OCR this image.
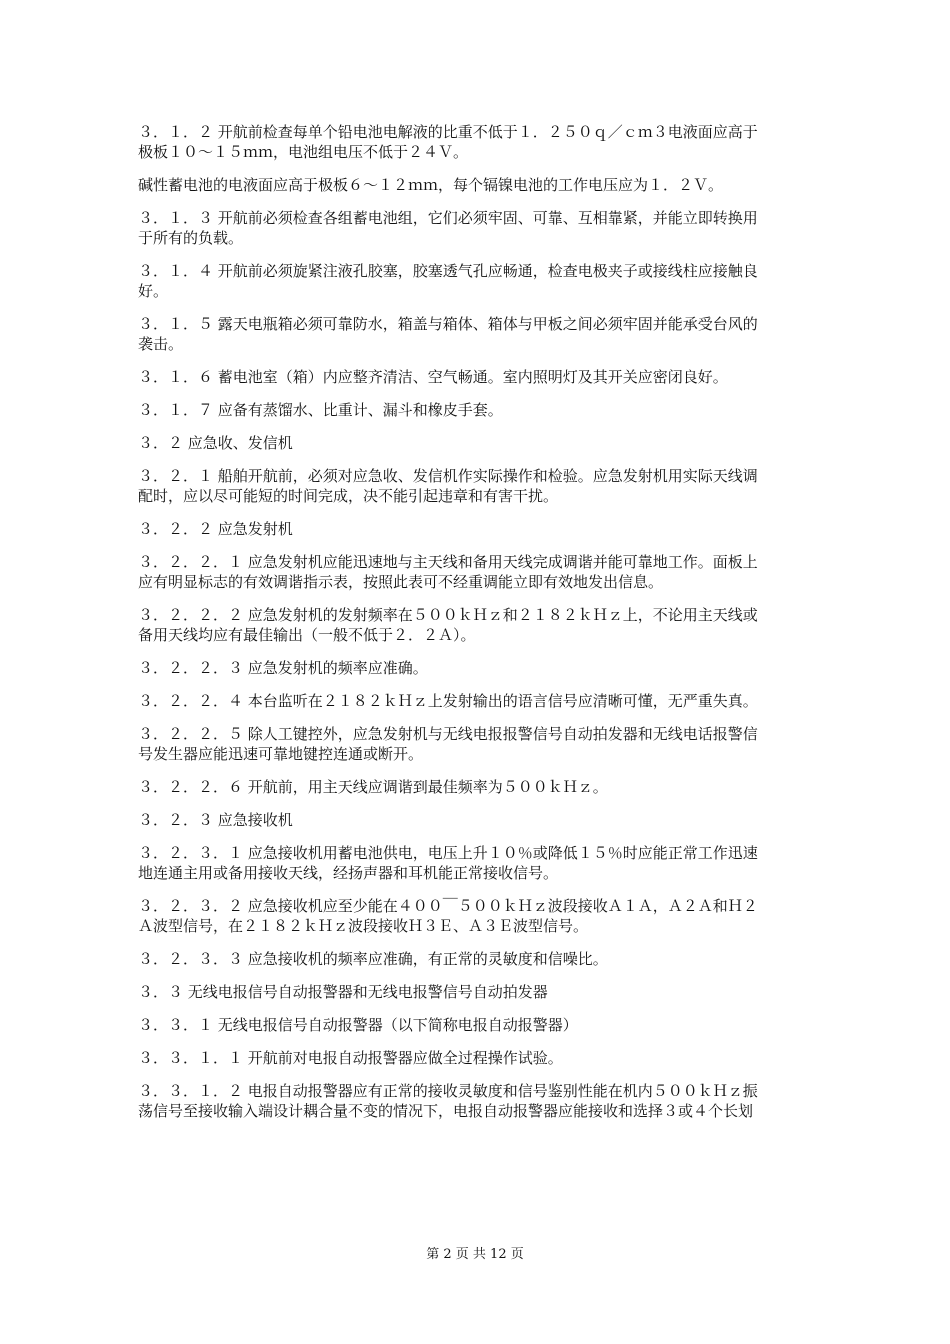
３．１．２ 开航前检查每单个铅电池电解液的比重不低于１．２５０ｑ／ｃｍ３电液面应高于
极板１０～１５ｍｍ，电池组电压不低于２４Ｖ。
碱性蓄电池的电液面应高于极板６～１２ｍｍ，每个镉镍电池的工作电压应为１．２Ｖ。
３．１．３ 开航前必须检查各组蓄电池组，它们必须牢固、可靠、互相靠紧，并能立即转换用
于所有的负载。
３．１．４ 开航前必须旋紧注液孔胶塞，胶塞透气孔应畅通，检查电极夹子或接线柱应接触良
好。
３．１．５ 露天电瓶箱必须可靠防水，箱盖与箱体、箱体与甲板之间必须牢固并能承受台风的
袭击。
３．１．６ 蓄电池室（箱）内应整齐清洁、空气畅通。室内照明灯及其开关应密闭良好。
３．１．７ 应备有蒸馏水、比重计、漏斗和橡皮手套。
３．２ 应急收、发信机
３．２．１ 船舶开航前，必须对应急收、发信机作实际操作和检验。应急发射机用实际天线调
配时，应以尽可能短的时间完成，决不能引起违章和有害干扰。
３．２．２ 应急发射机
３．２．２．１ 应急发射机应能迅速地与主天线和备用天线完成调谐并能可靠地工作。面板上
应有明显标志的有效调谐指示表，按照此表可不经重调能立即有效地发出信息。
３．２．２．２ 应急发射机的发射频率在５００ｋＨｚ和２１８２ｋＨｚ上，不论用主天线或
备用天线均应有最佳输出（一般不低于２．２Ａ）。
３．２．２．３ 应急发射机的频率应准确。
３．２．２．４ 本台监听在２１８２ｋＨｚ上发射输出的语言信号应清晰可懂，无严重失真。
３．２．２．５ 除人工键控外，应急发射机与无线电报报警信号自动拍发器和无线电话报警信
号发生器应能迅速可靠地键控连通或断开。
３．２．２．６ 开航前，用主天线应调谐到最佳频率为５００ｋＨｚ。
３．２．３ 应急接收机
３．２．３．１ 应急接收机用蓄电池供电，电压上升１０％或降低１５％时应能正常工作迅速
地连通主用或备用接收天线，经扬声器和耳机能正常接收信号。
３．２．３．２ 应急接收机应至少能在４００￣５００ｋＨｚ波段接收Ａ１Ａ，Ａ２Ａ和Ｈ２
Ａ波型信号，在２１８２ｋＨｚ波段接收Ｈ３Ｅ、Ａ３Ｅ波型信号。
３．２．３．３ 应急接收机的频率应准确，有正常的灵敏度和信噪比。
３．３ 无线电报信号自动报警器和无线电报警信号自动拍发器
３．３．１ 无线电报信号自动报警器（以下简称电报自动报警器）
３．３．１．１ 开航前对电报自动报警器应做全过程操作试验。
３．３．１．２ 电报自动报警器应有正常的接收灵敏度和信号鉴别性能在机内５００ｋＨｚ振
荡信号至接收输入端设计耦合量不变的情况下，电报自动报警器应能接收和选择３或４个长划
第 2 页 共 12 页
